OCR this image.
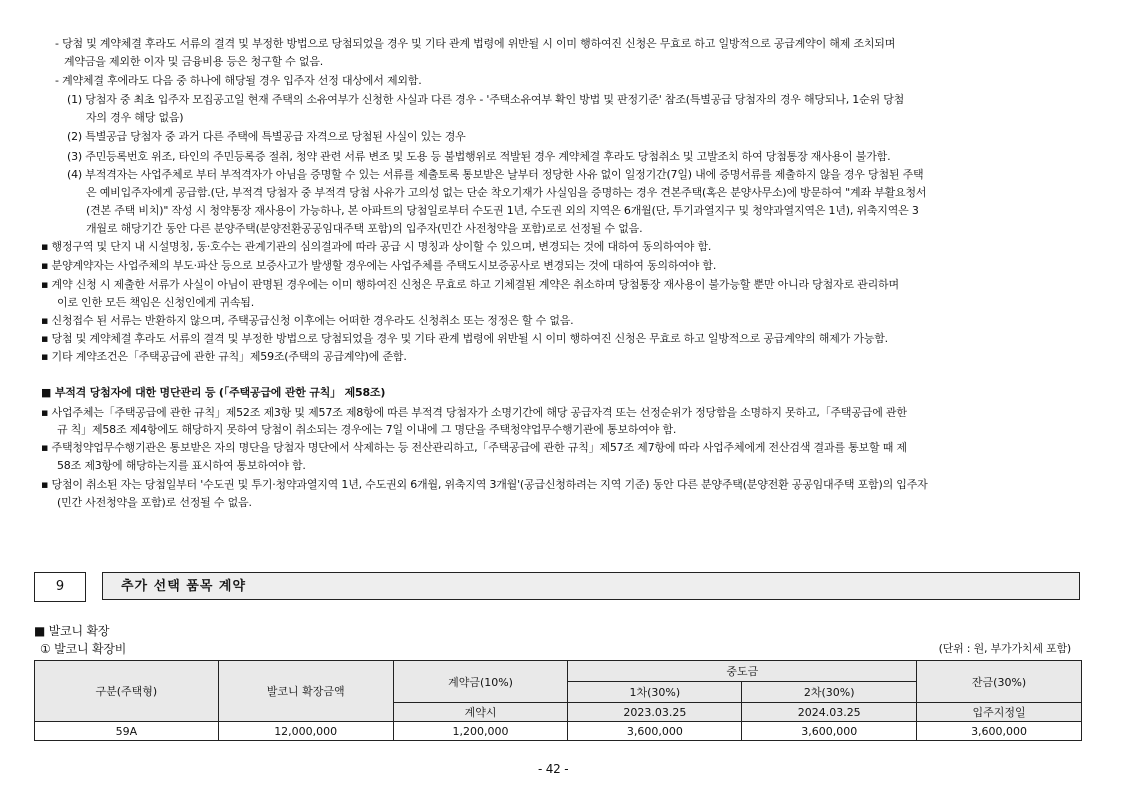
- 당첨 및 계약체결 후라도 서류의 결격 및 부정한 방법으로 당첨되었을 경우 및 기타 관계 법령에 위반될 시 이미 행하여진 신청은 무효로 하고 일방적으로 공급계약이 해제 조치되며
계약금을 제외한 이자 및 금융비용 등은 청구할 수 없음.
- 계약체결 후에라도 다음 중 하나에 해당될 경우 입주자 선정 대상에서 제외함.
(1) 당첨자 중 최초 입주자 모집공고일 현재 주택의 소유여부가 신청한 사실과 다른 경우 - '주택소유여부 확인 방법 및 판정기준' 참조(특별공급 당첨자의 경우 해당되나, 1순위 당첨
자의 경우 해당 없음)
(2) 특별공급 당첨자 중 과거 다른 주택에 특별공급 자격으로 당첨된 사실이 있는 경우
(3) 주민등록번호 위조, 타인의 주민등록증 절취, 청약 관련 서류 변조 및 도용 등 불법행위로 적발된 경우 계약체결 후라도 당첨취소 및 고발조치 하여 당첨통장 재사용이 불가함.
(4) 부적격자는 사업주체로 부터 부적격자가 아님을 증명할 수 있는 서류를 제출토록 통보받은 날부터 정당한 사유 없이 일정기간(7일) 내에 증명서류를 제출하지 않을 경우 당첨된 주택
은 예비입주자에게 공급함.(단, 부적격 당첨자 중 부적격 당첨 사유가 고의성 없는 단순 착오기재가 사실임을 증명하는 경우 견본주택(혹은 분양사무소)에 방문하여 "계좌 부활요청서
(견본 주택 비치)" 작성 시 청약통장 재사용이 가능하나, 본 아파트의 당첨일로부터 수도권 1년, 수도권 외의 지역은 6개월(단, 투기과열지구 및 청약과열지역은 1년), 위축지역은 3
개월로 해당기간 동안 다른 분양주택(분양전환공공임대주택 포함)의 입주자(민간 사전청약을 포함)로로 선정될 수 없음.
▪ 행정구역 및 단지 내 시설명칭, 동·호수는 관계기관의 심의결과에 따라 공급 시 명칭과 상이할 수 있으며, 변경되는 것에 대하여 동의하여야 함.
▪ 분양계약자는 사업주체의 부도·파산 등으로 보증사고가 발생할 경우에는 사업주체를 주택도시보증공사로 변경되는 것에 대하여 동의하여야 함.
▪ 계약 신청 시 제출한 서류가 사실이 아님이 판명된 경우에는 이미 행하여진 신청은 무효로 하고 기체결된 계약은 취소하며 당첨통장 재사용이 불가능할 뿐만 아니라 당첨자로 관리하며
이로 인한 모든 책임은 신청인에게 귀속됨.
▪ 신청접수 된 서류는 반환하지 않으며, 주택공급신청 이후에는 어떠한 경우라도 신청취소 또는 정정은 할 수 없음.
▪ 당첨 및 계약체결 후라도 서류의 결격 및 부정한 방법으로 당첨되었을 경우 및 기타 관계 법령에 위반될 시 이미 행하여진 신청은 무효로 하고 일방적으로 공급계약의 해제가 가능함.
▪ 기타 계약조건은「주택공급에 관한 규칙」제59조(주택의 공급계약)에 준함.
■ 부적격 당첨자에 대한 명단관리 등 (「주택공급에 관한 규칙」 제58조)
▪ 사업주체는「주택공급에 관한 규칙」제52조 제3항 및 제57조 제8항에 따른 부적격 당첨자가 소명기간에 해당 공급자격 또는 선정순위가 정당함을 소명하지 못하고,「주택공급에 관한
규 칙」제58조 제4항에도 해당하지 못하여 당첨이 취소되는 경우에는 7일 이내에 그 명단을 주택청약업무수행기관에 통보하여야 함.
▪ 주택청약업무수행기관은 통보받은 자의 명단을 당첨자 명단에서 삭제하는 등 전산관리하고,「주택공급에 관한 규칙」제57조 제7항에 따라 사업주체에게 전산검색 결과를 통보할 때 제
58조 제3항에 해당하는지를 표시하여 통보하여야 함.
▪ 당첨이 취소된 자는 당첨일부터 '수도권 및 투기·청약과열지역 1년, 수도권외 6개월, 위축지역 3개월'(공급신청하려는 지역 기준) 동안 다른 분양주택(분양전환 공공임대주택 포함)의 입주자
(민간 사전청약을 포함)로 선정될 수 없음.
9	추가 선택 품목 계약
■ 발코니 확장
① 발코니 확장비	(단위 : 원, 부가가치세 포함)
구분(주택형)	발코니 확장금액	계약금(10%)	중도금		잔금(30%)
			1차(30%)	2차(30%)	
		계약시	2023.03.25	2024.03.25	입주지정일
59A	12,000,000	1,200,000	3,600,000	3,600,000	3,600,000
- 42 -
